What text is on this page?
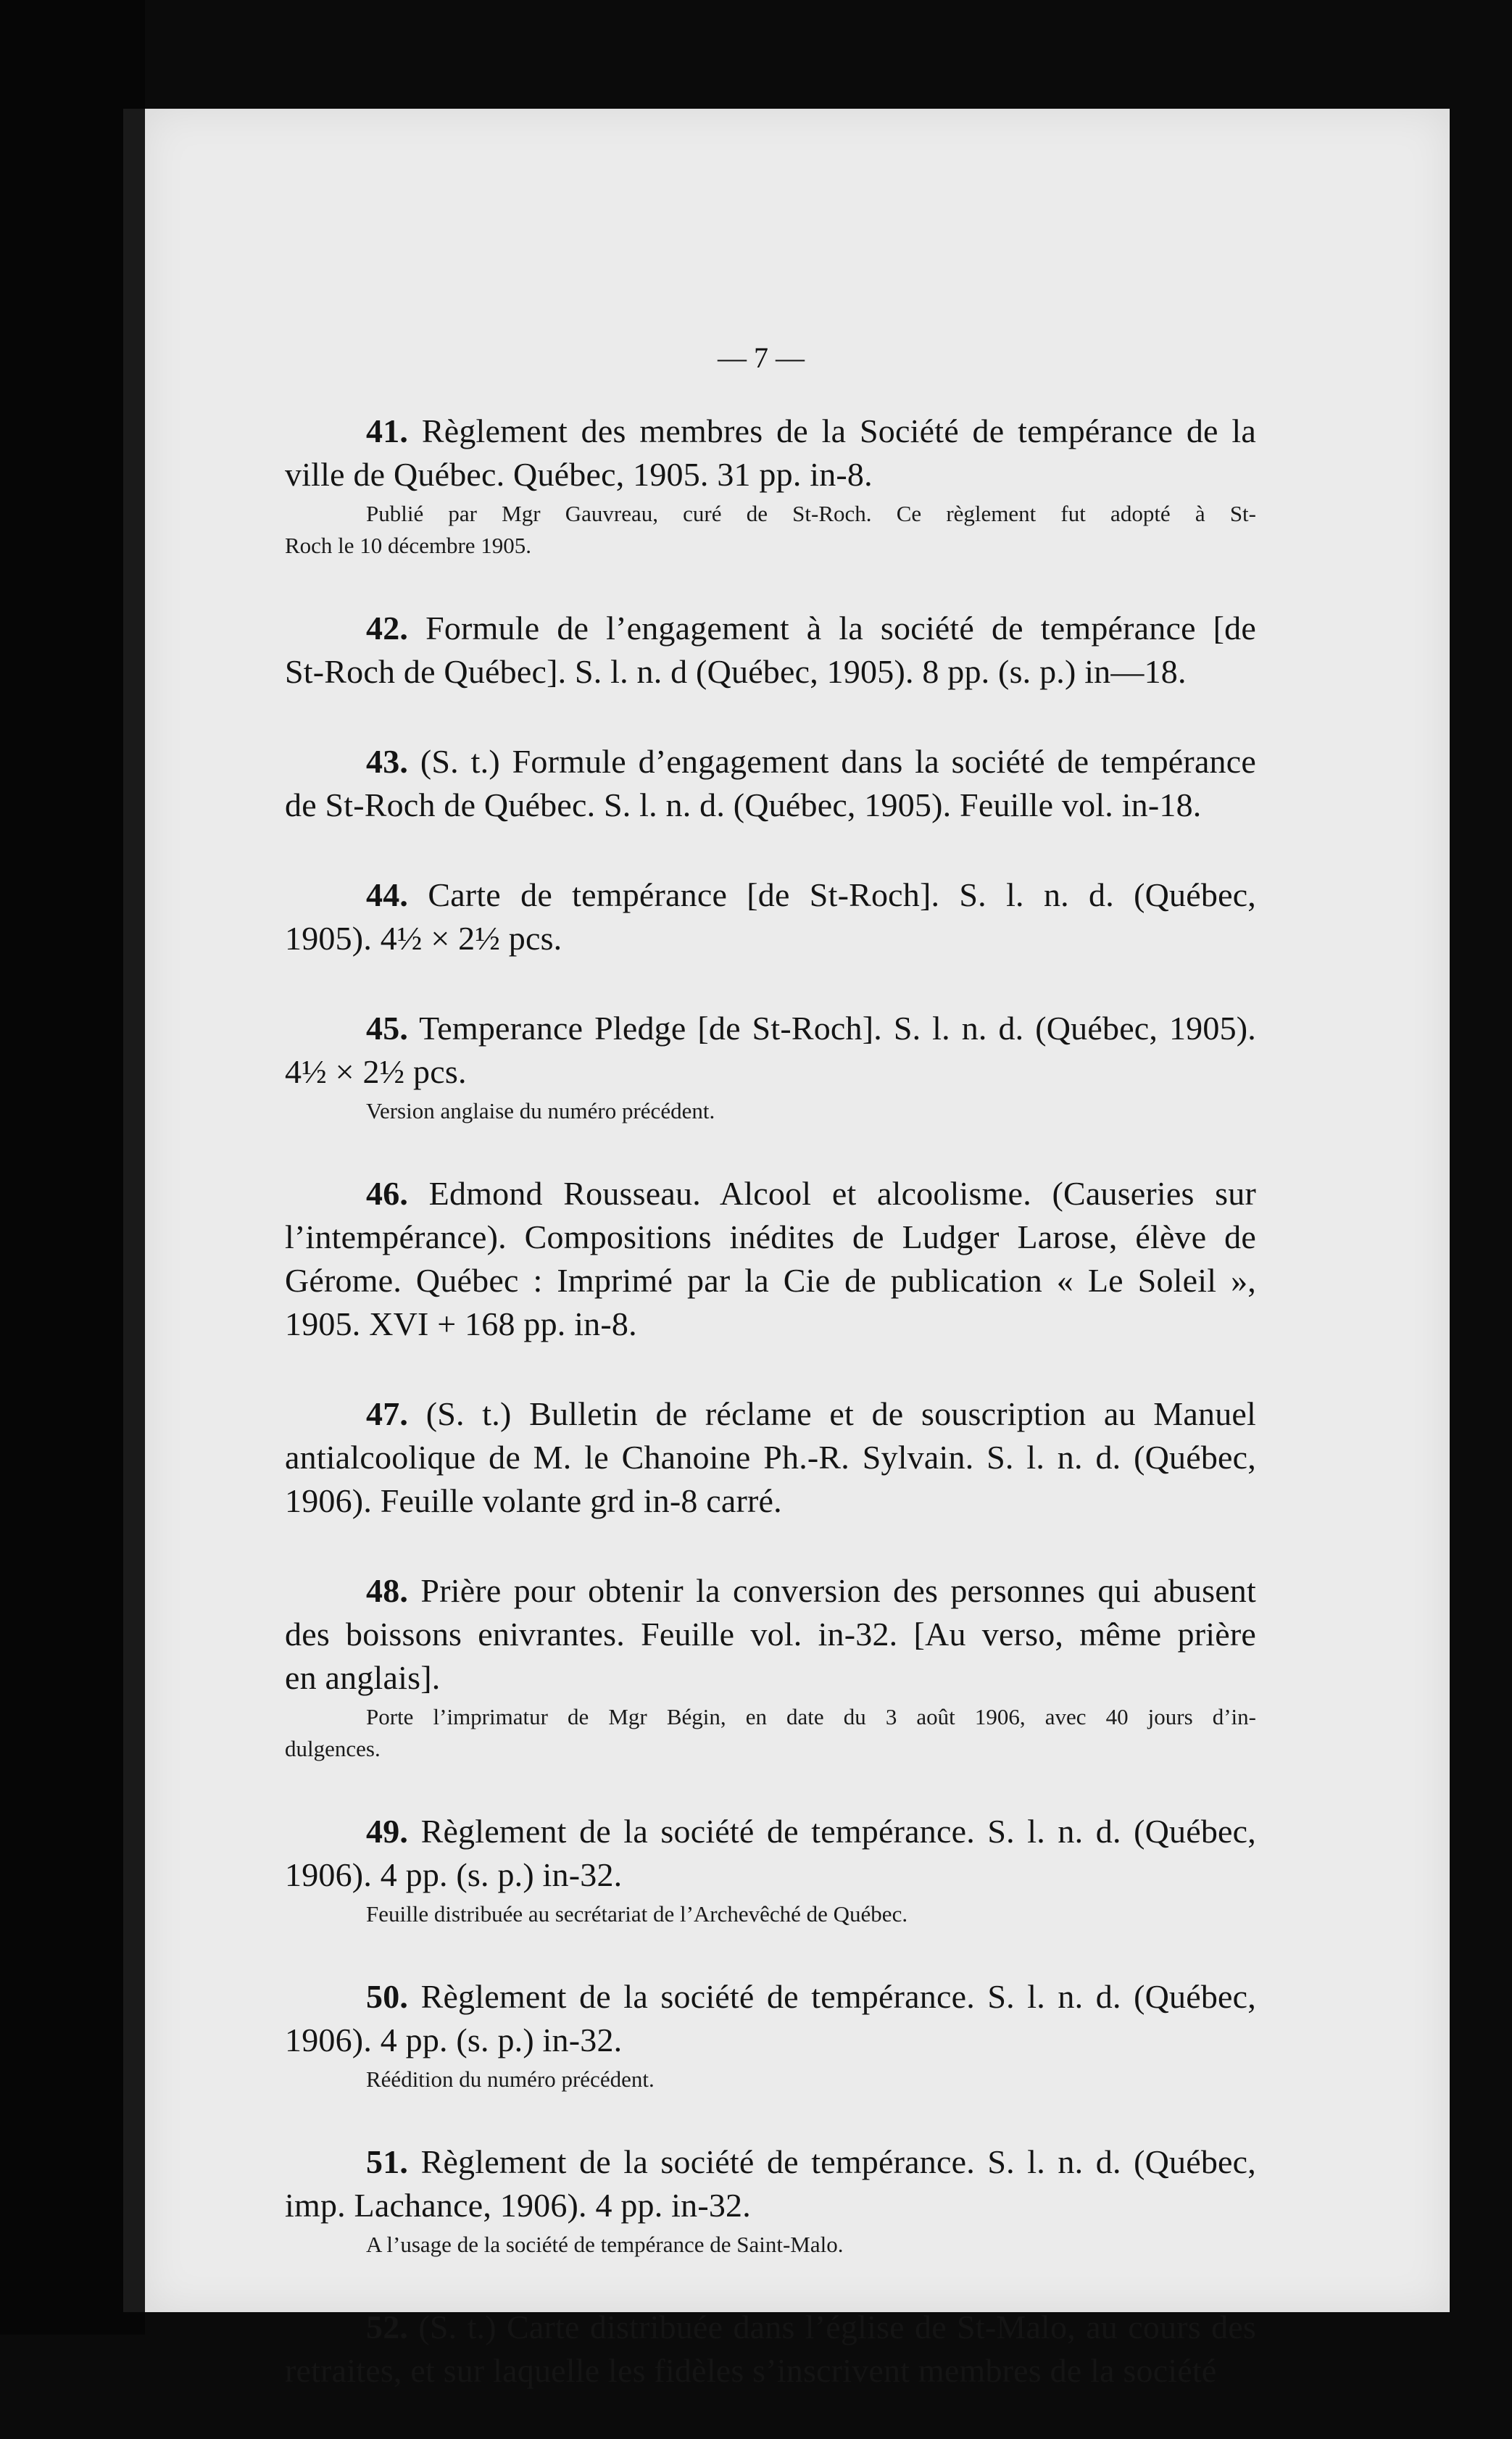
— 7 —
41. Règlement des membres de la Société de tempérance de la
ville de Québec. Québec, 1905. 31 pp. in-8.
Publié par Mgr Gauvreau, curé de St-Roch. Ce règlement fut adopté à St-
Roch le 10 décembre 1905.
42. Formule de l’engagement à la société de tempérance [de
St-Roch de Québec]. S. l. n. d (Québec, 1905). 8 pp. (s. p.) in—18.
43. (S. t.) Formule d’engagement dans la société de tempérance
de St-Roch de Québec. S. l. n. d. (Québec, 1905). Feuille vol. in-18.
44. Carte de tempérance [de St-Roch]. S. l. n. d. (Québec,
1905). 4½ × 2½ pcs.
45. Temperance Pledge [de St-Roch]. S. l. n. d. (Québec, 1905).
4½ × 2½ pcs.
Version anglaise du numéro précédent.
46. Edmond Rousseau. Alcool et alcoolisme. (Causeries sur
l’intempérance). Compositions inédites de Ludger Larose, élève de
Gérome. Québec : Imprimé par la Cie de publication « Le Soleil »,
1905. XVI + 168 pp. in-8.
47. (S. t.) Bulletin de réclame et de souscription au Manuel
antialcoolique de M. le Chanoine Ph.-R. Sylvain. S. l. n. d. (Québec,
1906). Feuille volante grd in-8 carré.
48. Prière pour obtenir la conversion des personnes qui abusent
des boissons enivrantes. Feuille vol. in-32. [Au verso, même prière
en anglais].
Porte l’imprimatur de Mgr Bégin, en date du 3 août 1906, avec 40 jours d’in-
dulgences.
49. Règlement de la société de tempérance. S. l. n. d. (Québec,
1906). 4 pp. (s. p.) in-32.
Feuille distribuée au secrétariat de l’Archevêché de Québec.
50. Règlement de la société de tempérance. S. l. n. d. (Québec,
1906). 4 pp. (s. p.) in-32.
Réédition du numéro précédent.
51. Règlement de la société de tempérance. S. l. n. d. (Québec,
imp. Lachance, 1906). 4 pp. in-32.
A l’usage de la société de tempérance de Saint-Malo.
52. (S. t.) Carte distribuée dans l’église de St-Malo, au cours des
retraites, et sur laquelle les fidèles s’inscrivent membres de la société
